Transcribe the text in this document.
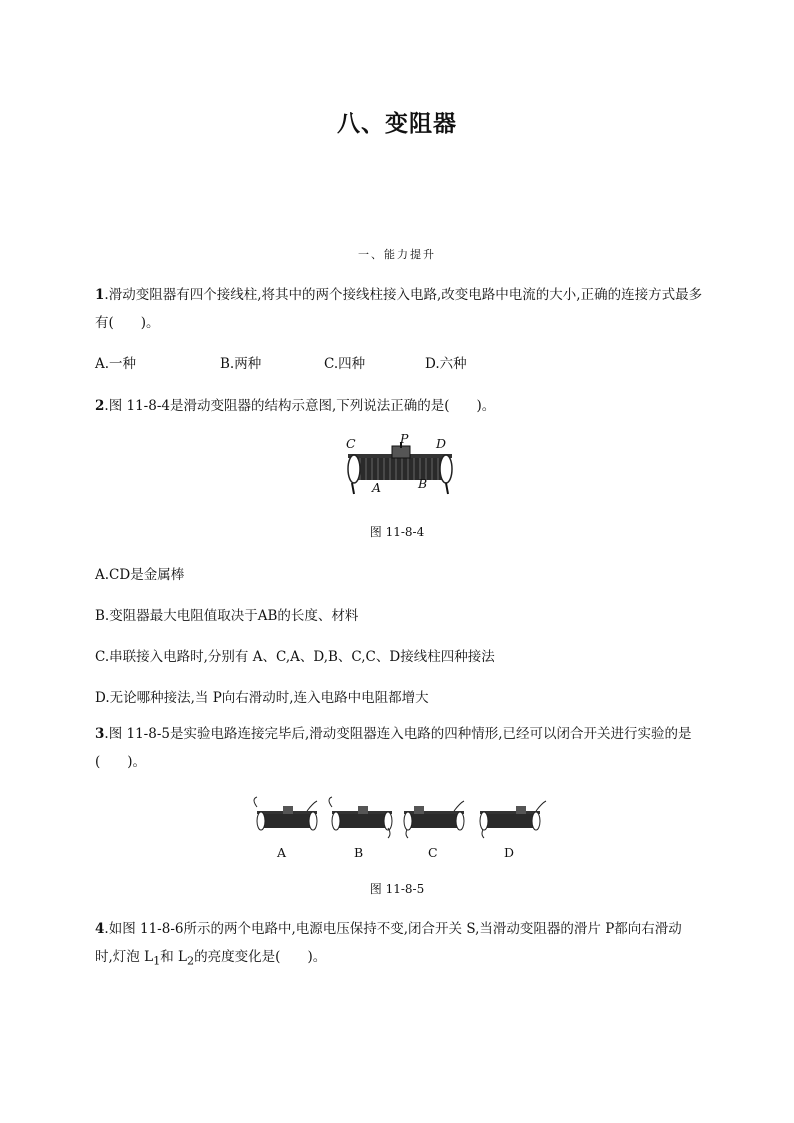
八、变阻器
一、能力提升
1.滑动变阻器有四个接线柱,将其中的两个接线柱接入电路,改变电路中电流的大小,正确的连接方式最多有(　　)。
A.一种	B.两种	C.四种	D.六种
2.图 11-8-4是滑动变阻器的结构示意图,下列说法正确的是(　　)。
C	P D
A	B
图 11-8-4
A.CD是金属棒
B.变阻器最大电阻值取决于AB的长度、材料
C.串联接入电路时,分别有 A、C,A、D,B、C,C、D接线柱四种接法
D.无论哪种接法,当 P向右滑动时,连入电路中电阻都增大
3.图 11-8-5是实验电路连接完毕后,滑动变阻器连入电路的四种情形,已经可以闭合开关进行实验的是(　　)。
A	B	C	D
图 11-8-5
4.如图 11-8-6所示的两个电路中,电源电压保持不变,闭合开关 S,当滑动变阻器的滑片 P都向右滑动
时,灯泡 $L_1$和 $L_2$的亮度变化是(　　)。
